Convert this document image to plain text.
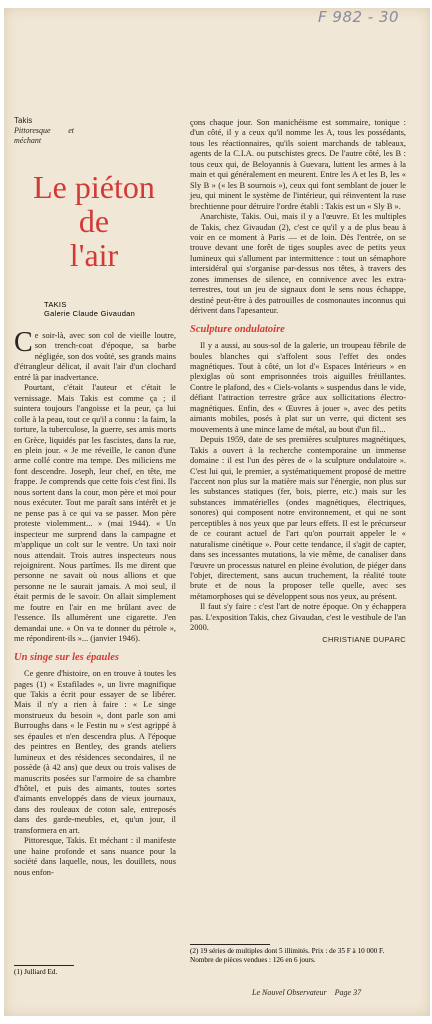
F 982 - 30
Takis
Pittoresque et méchant
Le piéton
de
l'air
TAKIS
Galerie Claude Givaudan

Ce soir-là, avec son col de vieille loutre, son trench-coat d'époque, sa barbe négligée, son dos voûté, ses grands mains d'étrangleur délicat, il avait l'air d'un clochard entré là par inadvertance.

Pourtant, c'était l'auteur et c'était le vernissage. Mais Takis est comme ça ; il suintera toujours l'angoisse et la peur, ça lui colle à la peau, tout ce qu'il a connu : la faim, la torture, la tuberculose, la guerre, ses amis morts en Grèce, liquidés par les fascistes, dans la rue, en plein jour. « Je me réveille, le canon d'une arme collé contre ma tempe. Des miliciens me font descendre. Joseph, leur chef, en tête, me frappe. Je comprends que cette fois c'est fini. Ils nous sortent dans la cour, mon père et moi pour nous exécuter. Tout me paraît sans intérêt et je ne pense pas à ce qui va se passer. Mon père proteste violemment... » (mai 1944). « Un inspecteur me surprend dans la campagne et m'applique un colt sur le ventre. Un taxi noir nous attendait. Trois autres inspecteurs nous rejoignirent. Nous partîmes. Ils me dirent que personne ne savait où nous allions et que personne ne le saurait jamais. A moi seul, il était permis de le savoir. On allait simplement me foutre en l'air en me brûlant avec de l'essence. Ils allumèrent une cigarette. J'en demandai une. « On va te donner du pétrole », me répondirent-ils »... (janvier 1946).

Un singe sur les épaules

Ce genre d'histoire, on en trouve à toutes les pages (1) « Estafilades », un livre magnifique que Takis a écrit pour essayer de se libérer. Mais il n'y a rien à faire : « Le singe monstrueux du besoin », dont parle son ami Burroughs dans « le Festin nu » s'est agrippé à ses épaules et n'en descendra plus. A l'époque des peintres en Bentley, des grands ateliers lumineux et des résidences secondaires, il ne possède (à 42 ans) que deux ou trois valises de manuscrits posées sur l'armoire de sa chambre d'hôtel, et puis des aimants, toutes sortes d'aimants enveloppés dans de vieux journaux, dans des rouleaux de coton sale, entreposés dans des garde-meubles, et, qu'un jour, il transformera en art.

Pittoresque, Takis. Et méchant : il manifeste une haine profonde et sans nuance pour la société dans laquelle, nous, les douillets, nous nous enfon-

(1) Julliard Ed.

çons chaque jour. Son manichéisme est sommaire, tonique : d'un côté, il y a ceux qu'il nomme les A, tous les possédants, tous les réactionnaires, qu'ils soient marchands de tableaux, agents de la C.I.A. ou putschistes grecs. De l'autre côté, les B : tous ceux qui, de Beloyannis à Guevara, luttent les armes à la main et qui généralement en meurent. Entre les A et les B, les « Sly B » (« les B sournois »), ceux qui font semblant de jouer le jeu, qui minent le système de l'intérieur, qui réinventent la ruse brechtienne pour détruire l'ordre établi : Takis est un « Sly B ».

Anarchiste, Takis. Oui, mais il y a l'œuvre. Et les multiples de Takis, chez Givaudan (2), c'est ce qu'il y a de plus beau à voir en ce moment à Paris — et de loin. Dès l'entrée, on se trouve devant une forêt de tiges souples avec de petits yeux lumineux qui s'allument par intermittence : tout un sémaphore intersidéral qui s'organise par-dessus nos têtes, à travers des zones immenses de silence, en connivence avec les extra-terrestres, tout un jeu de signaux dont le sens nous échappe, destiné peut-être à des patrouilles de cosmonautes inconnus qui dérivent dans l'apesanteur.

Sculpture ondulatoire

Il y a aussi, au sous-sol de la galerie, un troupeau fébrile de boules blanches qui s'affolent sous l'effet des ondes magnétiques. Tout à côté, un lot d'« Espaces Intérieurs » en plexiglas où sont emprisonnées trois aiguilles frétillantes. Contre le plafond, des « Ciels-volants » suspendus dans le vide, défiant l'attraction terrestre grâce aux sollicitations électro-magnétiques. Enfin, des « Œuvres à jouer », avec des petits aimants mobiles, posés à plat sur un verre, qui dictent ses mouvements à une mince lame de métal, au bout d'un fil...

Depuis 1959, date de ses premières sculptures magnétiques, Takis a ouvert à la recherche contemporaine un immense domaine : il est l'un des pères de « la sculpture ondulatoire ». C'est lui qui, le premier, a systématiquement proposé de mettre l'accent non plus sur la matière mais sur l'énergie, non plus sur les substances statiques (fer, bois, pierre, etc.) mais sur les substances immatérielles (ondes magnétiques, électriques, sonores) qui composent notre environnement, et qui ne sont perceptibles à nos yeux que par leurs effets. Il est le précurseur de ce courant actuel de l'art qu'on pourrait appeler le « naturalisme cinétique ». Pour cette tendance, il s'agit de capter, dans ses incessantes mutations, la vie même, de canaliser dans l'œuvre un processus naturel en pleine évolution, de piéger dans l'objet, directement, sans aucun truchement, la réalité toute brute et de nous la proposer telle quelle, avec ses métamorphoses qui se développent sous nos yeux, au présent.

Il faut s'y faire : c'est l'art de notre époque. On y échappera pas. L'exposition Takis, chez Givaudan, c'est le vestibule de l'an 2000.

CHRISTIANE DUPARC
(2) 19 séries de multiples dont 5 illimités. Prix : de 35 F à 10 000 F. Nombre de pièces vendues : 126 en 6 jours.
Le Nouvel Observateur Page 37
